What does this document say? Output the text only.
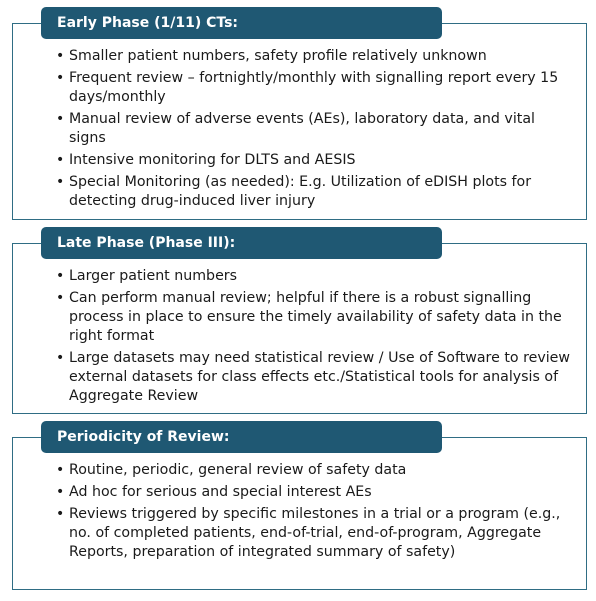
• Smaller patient numbers, safety profile relatively unknown
• Frequent review – fortnightly/monthly with signalling report every 15 days/monthly
• Manual review of adverse events (AEs), laboratory data, and vital signs
• Intensive monitoring for DLTS and AESIS
• Special Monitoring (as needed): E.g. Utilization of eDISH plots for detecting drug-induced liver injury
Early Phase (1/11) CTs:
• Larger patient numbers
• Can perform manual review; helpful if there is a robust signalling process in place to ensure the timely availability of safety data in the right format
• Large datasets may need statistical review / Use of Software to review external datasets for class effects etc./Statistical tools for analysis of Aggregate Review
Late Phase (Phase III):
• Routine, periodic, general review of safety data
• Ad hoc for serious and special interest AEs
• Reviews triggered by specific milestones in a trial or a program (e.g., no. of completed patients, end-of-trial, end-of-program, Aggregate Reports, preparation of integrated summary of safety)
Periodicity of Review:
